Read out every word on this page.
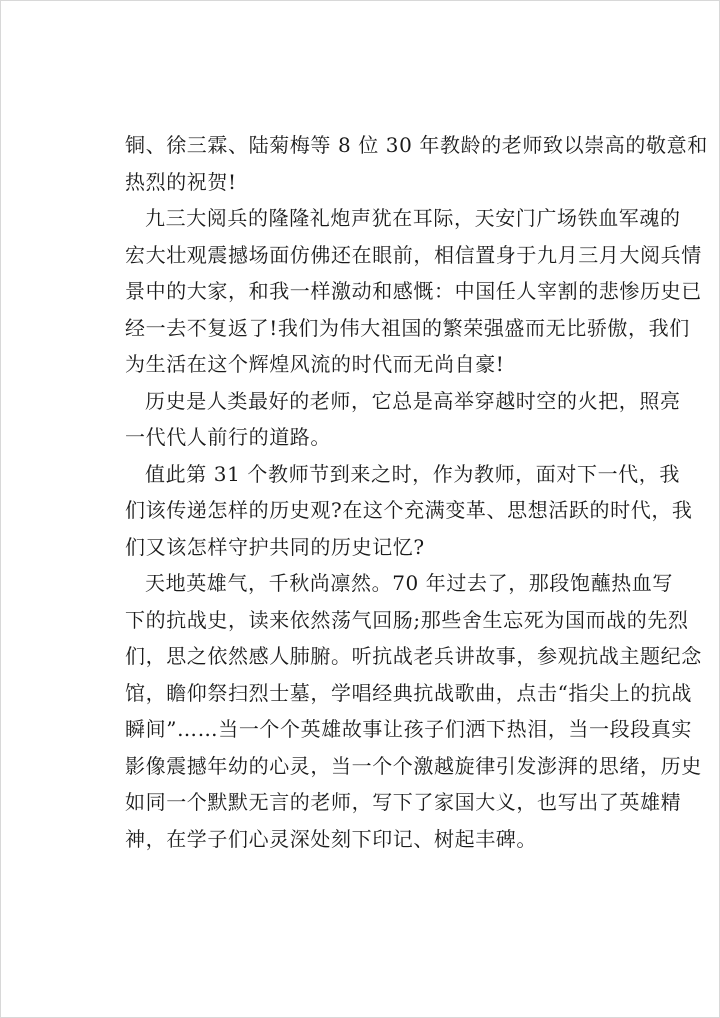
铜、徐三霖、陆菊梅等 8 位 30 年教龄的老师致以崇高的敬意和
热烈的祝贺!
九三大阅兵的隆隆礼炮声犹在耳际，天安门广场铁血军魂的
宏大壮观震撼场面仿佛还在眼前，相信置身于九月三月大阅兵情
景中的大家，和我一样激动和感慨：中国任人宰割的悲惨历史已
经一去不复返了!我们为伟大祖国的繁荣强盛而无比骄傲，我们
为生活在这个辉煌风流的时代而无尚自豪!
历史是人类最好的老师，它总是高举穿越时空的火把，照亮
一代代人前行的道路。
值此第 31 个教师节到来之时，作为教师，面对下一代，我
们该传递怎样的历史观?在这个充满变革、思想活跃的时代，我
们又该怎样守护共同的历史记忆?
天地英雄气，千秋尚凛然。70 年过去了，那段饱蘸热血写
下的抗战史，读来依然荡气回肠;那些舍生忘死为国而战的先烈
们，思之依然感人肺腑。听抗战老兵讲故事，参观抗战主题纪念
馆，瞻仰祭扫烈士墓，学唱经典抗战歌曲，点击“指尖上的抗战
瞬间”……当一个个英雄故事让孩子们洒下热泪，当一段段真实
影像震撼年幼的心灵，当一个个激越旋律引发澎湃的思绪，历史
如同一个默默无言的老师，写下了家国大义，也写出了英雄精
神，在学子们心灵深处刻下印记、树起丰碑。
